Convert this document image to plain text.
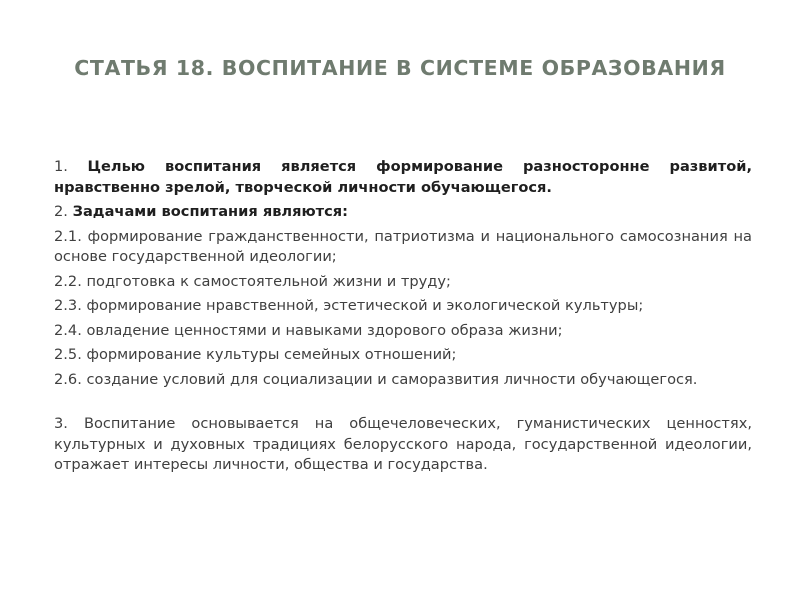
СТАТЬЯ 18. ВОСПИТАНИЕ В СИСТЕМЕ ОБРАЗОВАНИЯ

1. Целью воспитания является формирование разносторонне развитой, нравственно зрелой, творческой личности обучающегося.

2. Задачами воспитания являются:

2.1. формирование гражданственности, патриотизма и национального самосознания на основе государственной идеологии;

2.2. подготовка к самостоятельной жизни и труду;

2.3. формирование нравственной, эстетической и экологической культуры;

2.4. овладение ценностями и навыками здорового образа жизни;

2.5. формирование культуры семейных отношений;

2.6. создание условий для социализации и саморазвития личности обучающегося.

3. Воспитание основывается на общечеловеческих, гуманистических ценностях, культурных и духовных традициях белорусского народа, государственной идеологии, отражает интересы личности, общества и государства.
